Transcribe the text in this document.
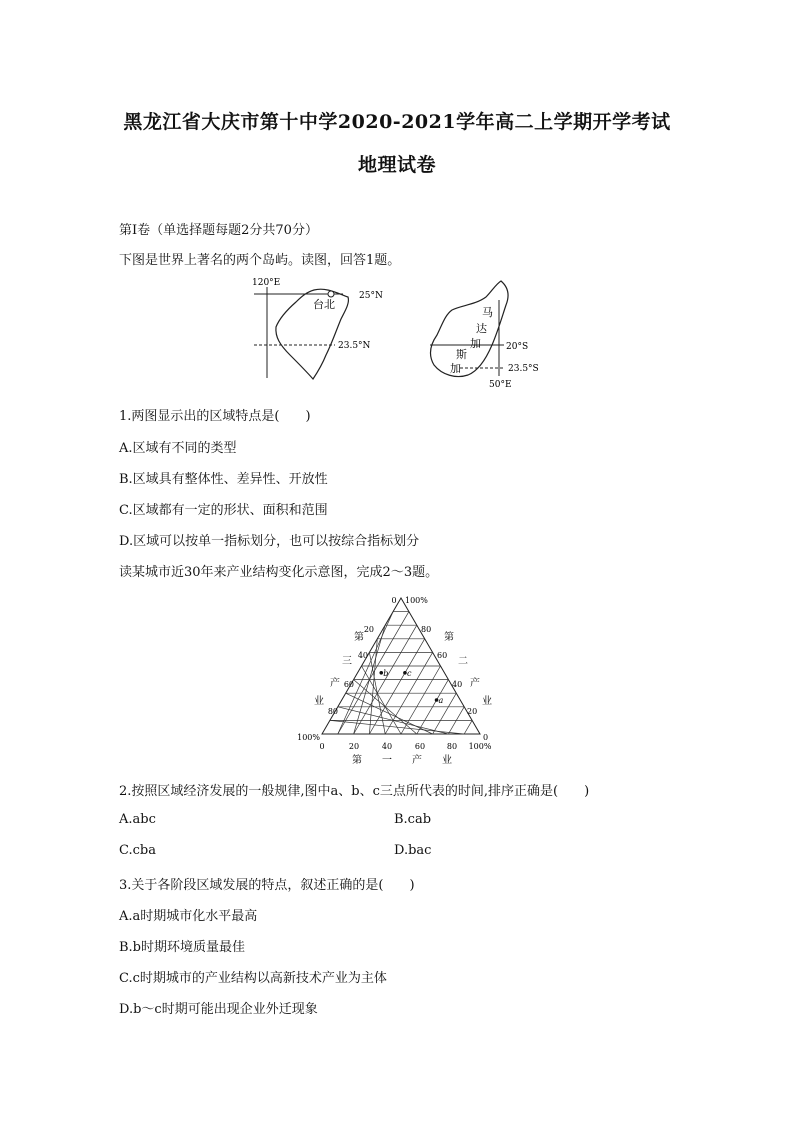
黑龙江省大庆市第十中学2020-2021学年高二上学期开学考试
地理试卷
第Ⅰ卷（单选择题每题2分共70分）
下图是世界上著名的两个岛屿。读图，回答1题。
120°E
25°N
23.5°N
台北
马
达
加
斯
加
20°S
23.5°S
50°E
1.两图显示出的区域特点是(　　)
A.区域有不同的类型
B.区域具有整体性、差异性、开放性
C.区域都有一定的形状、面积和范围
D.区域可以按单一指标划分，也可以按综合指标划分
读某城市近30年来产业结构变化示意图，完成2～3题。
b c
a
0 100%
20
40
60
80
100%
80
60
40
20
0
0	20	40	60	80 100%
第
三
产
业
第
二
产
业
第 一 产 业
2.按照区域经济发展的一般规律,图中a、b、c三点所代表的时间,排序正确是(　　)
A.abc	B.cab
C.cba	D.bac
3.关于各阶段区域发展的特点，叙述正确的是(　　)
A.a时期城市化水平最高
B.b时期环境质量最佳
C.c时期城市的产业结构以高新技术产业为主体
D.b～c时期可能出现企业外迁现象
